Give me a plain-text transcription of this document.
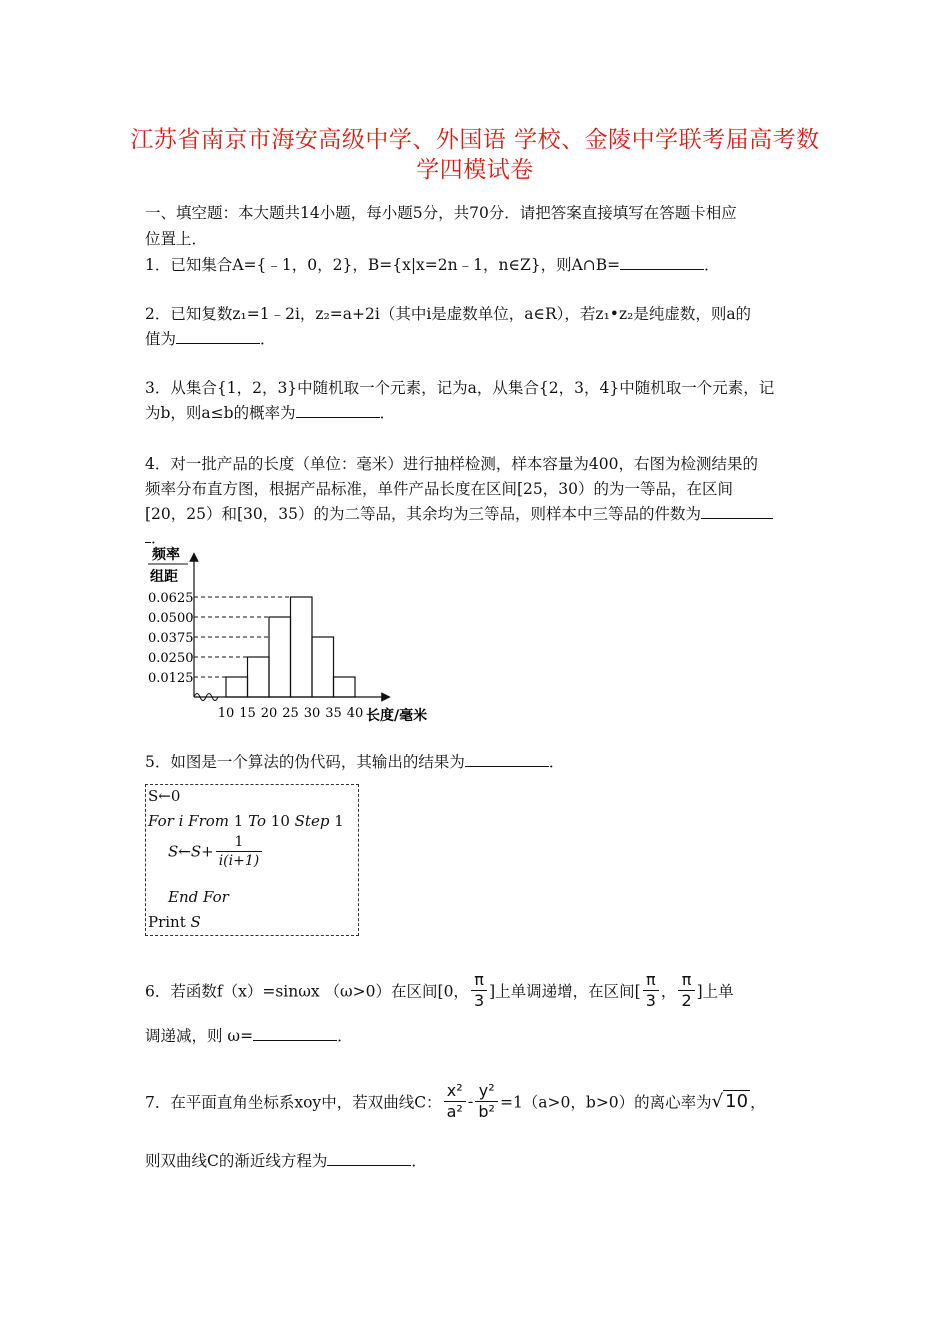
江苏省南京市海安高级中学、外国语 学校、金陵中学联考届高考数
学四模试卷
一、填空题：本大题共14小题，每小题5分，共70分．请把答案直接填写在答题卡相应
位置上．
1．已知集合A={﹣1，0，2}，B={x|x=2n﹣1，n∈Z}，则A∩B=	．
2．已知复数z₁=1﹣2i，z₂=a+2i（其中i是虚数单位，a∈R），若z₁•z₂是纯虚数，则a的
值为	．
3．从集合{1，2，3}中随机取一个元素，记为a，从集合{2，3，4}中随机取一个元素，记
为b，则a≤b的概率为	．
4．对一批产品的长度（单位：毫米）进行抽样检测，样本容量为400，右图为检测结果的
频率分布直方图，根据产品标准，单件产品长度在区间[25，30）的为一等品，在区间
[20，25）和[30，35）的为二等品，其余均为三等品，则样本中三等品的件数为
．
频率
组距
长度/毫米
0.0625
0.0500
0.0375
0.0250
0.0125
10 15 20 25 30 35 40
5．如图是一个算法的伪代码，其输出的结果为	．
S←0
For i From 1 To 10 Step 1
S←S+ $\frac{1}{i(i+1)}$
End For
Print S
6．若函数f（x）=sinωx （ω>0）在区间[0， $\frac{\pi}{3}$ ]上单调递增，在区间[ $\frac{\pi}{3}$ ， $\frac{\pi}{2}$ ]上单
调递减，则 ω=	．
7．在平面直角坐标系xoy中，若双曲线C： $\frac{\text{x²}}{\text{a²}} - \frac{\text{y²}}{\text{b²}} =1(a>0$，b>0）的离心率为√ 10 ，
则双曲线C的渐近线方程为	．
